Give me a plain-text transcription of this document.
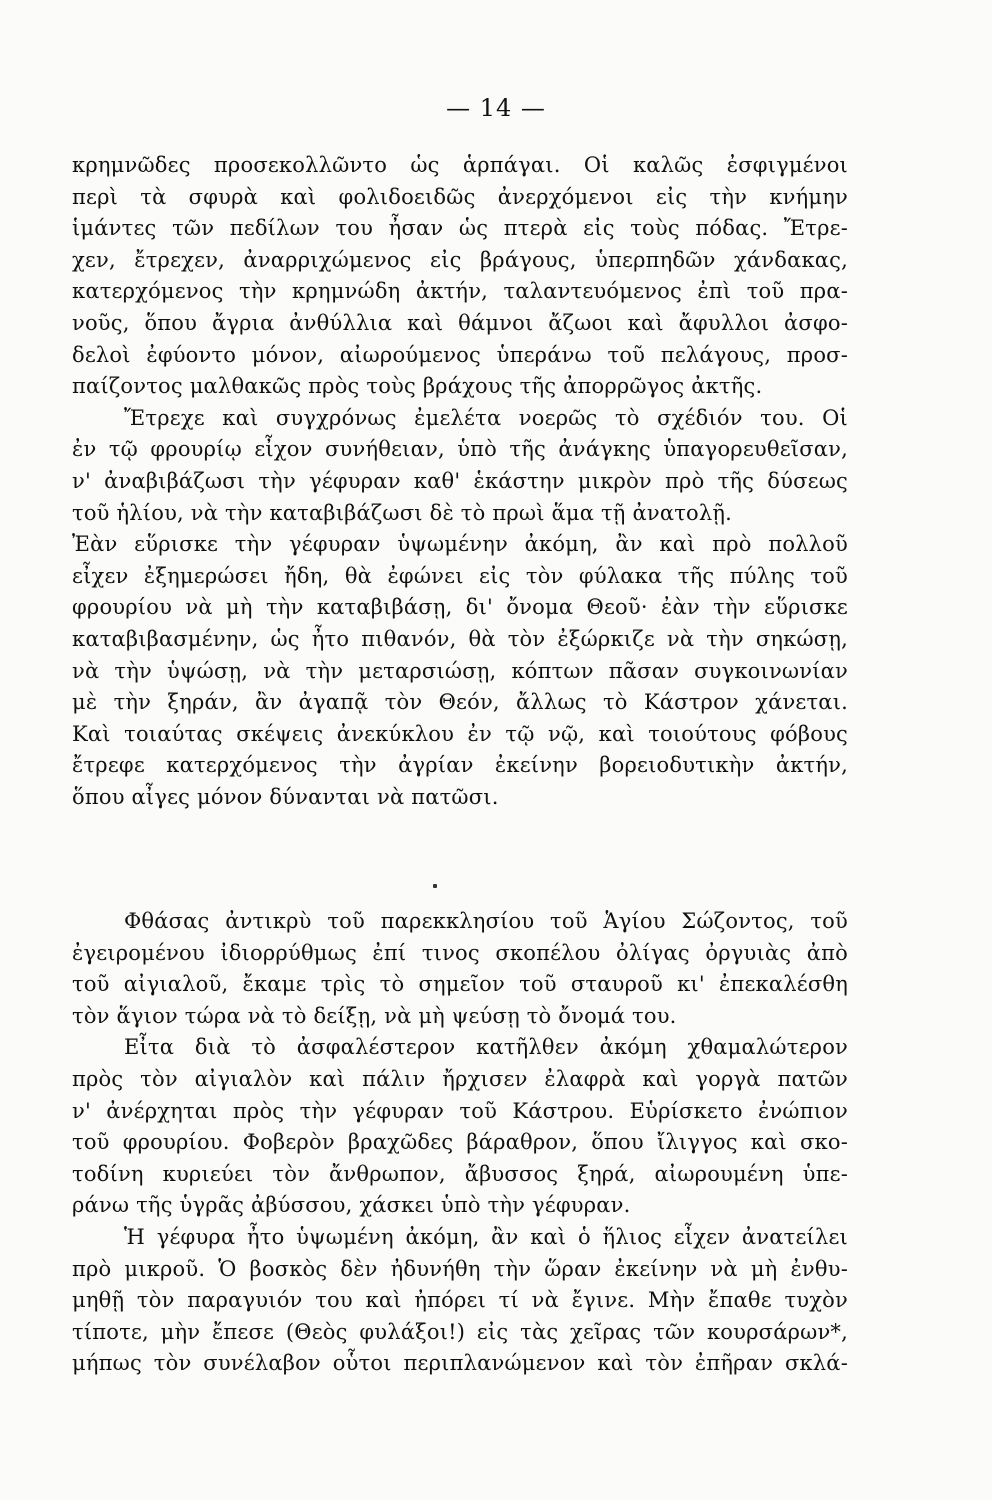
— 14 —
κρημνῶδες προσεκολλῶντο ὡς ἁρπάγαι. Οἱ καλῶς ἐσφιγμένοι
περὶ τὰ σφυρὰ καὶ φολιδοειδῶς ἀνερχόμενοι εἰς τὴν κνήμην
ἱμάντες τῶν πεδίλων του ἦσαν ὡς πτερὰ εἰς τοὺς πόδας. Ἔτρε-
χεν, ἔτρεχεν, ἀναρριχώμενος εἰς βράγους, ὑπερπηδῶν χάνδακας,
κατερχόμενος τὴν κρημνώδη ἀκτήν, ταλαντευόμενος ἐπὶ τοῦ πρα-
νοῦς, ὅπου ἄγρια ἀνθύλλια καὶ θάμνοι ἄζωοι καὶ ἄφυλλοι ἀσφο-
δελοὶ ἐφύοντο μόνον, αἰωρούμενος ὑπεράνω τοῦ πελάγους, προσ-
παίζοντος μαλθακῶς πρὸς τοὺς βράχους τῆς ἀπορρῶγος ἀκτῆς.
Ἔτρεχε καὶ συγχρόνως ἐμελέτα νοερῶς τὸ σχέδιόν του. Οἱ
ἐν τῷ φρουρίῳ εἶχον συνήθειαν, ὑπὸ τῆς ἀνάγκης ὑπαγορευθεῖσαν,
ν' ἀναβιβάζωσι τὴν γέφυραν καθ' ἑκάστην μικρὸν πρὸ τῆς δύσεως
τοῦ ἡλίου, νὰ τὴν καταβιβάζωσι δὲ τὸ πρωὶ ἅμα τῇ ἀνατολῇ.
Ἐὰν εὕρισκε τὴν γέφυραν ὑψωμένην ἀκόμη, ἂν καὶ πρὸ πολλοῦ
εἶχεν ἐξημερώσει ἤδη, θὰ ἐφώνει εἰς τὸν φύλακα τῆς πύλης τοῦ
φρουρίου νὰ μὴ τὴν καταβιβάσῃ, δι' ὄνομα Θεοῦ· ἐὰν τὴν εὕρισκε
καταβιβασμένην, ὡς ἦτο πιθανόν, θὰ τὸν ἐξώρκιζε νὰ τὴν σηκώσῃ,
νὰ τὴν ὑψώσῃ, νὰ τὴν μεταρσιώσῃ, κόπτων πᾶσαν συγκοινωνίαν
μὲ τὴν ξηράν, ἂν ἀγαπᾷ τὸν Θεόν, ἄλλως τὸ Κάστρον χάνεται.
Καὶ τοιαύτας σκέψεις ἀνεκύκλου ἐν τῷ νῷ, καὶ τοιούτους φόβους
ἔτρεφε κατερχόμενος τὴν ἀγρίαν ἐκείνην βορειοδυτικὴν ἀκτήν,
ὅπου αἶγες μόνον δύνανται νὰ πατῶσι.
Φθάσας ἀντικρὺ τοῦ παρεκκλησίου τοῦ Ἁγίου Σώζοντος, τοῦ
ἐγειρομένου ἰδιορρύθμως ἐπί τινος σκοπέλου ὀλίγας ὀργυιὰς ἀπὸ
τοῦ αἰγιαλοῦ, ἔκαμε τρὶς τὸ σημεῖον τοῦ σταυροῦ κι' ἐπεκαλέσθη
τὸν ἅγιον τώρα νὰ τὸ δείξῃ, νὰ μὴ ψεύσῃ τὸ ὄνομά του.
Εἶτα διὰ τὸ ἀσφαλέστερον κατῆλθεν ἀκόμη χθαμαλώτερον
πρὸς τὸν αἰγιαλὸν καὶ πάλιν ἤρχισεν ἐλαφρὰ καὶ γοργὰ πατῶν
ν' ἀνέρχηται πρὸς τὴν γέφυραν τοῦ Κάστρου. Εὑρίσκετο ἐνώπιον
τοῦ φρουρίου. Φοβερὸν βραχῶδες βάραθρον, ὅπου ἴλιγγος καὶ σκο-
τοδίνη κυριεύει τὸν ἄνθρωπον, ἄβυσσος ξηρά, αἰωρουμένη ὑπε-
ράνω τῆς ὑγρᾶς ἀβύσσου, χάσκει ὑπὸ τὴν γέφυραν.
Ἡ γέφυρα ἦτο ὑψωμένη ἀκόμη, ἂν καὶ ὁ ἥλιος εἶχεν ἀνατείλει
πρὸ μικροῦ. Ὁ βοσκὸς δὲν ἠδυνήθη τὴν ὥραν ἐκείνην νὰ μὴ ἐνθυ-
μηθῇ τὸν παραγυιόν του καὶ ἠπόρει τί νὰ ἔγινε. Μὴν ἔπαθε τυχὸν
τίποτε, μὴν ἔπεσε (Θεὸς φυλάξοι!) εἰς τὰς χεῖρας τῶν κουρσάρων*,
μήπως τὸν συνέλαβον οὗτοι περιπλανώμενον καὶ τὸν ἐπῆραν σκλά-
